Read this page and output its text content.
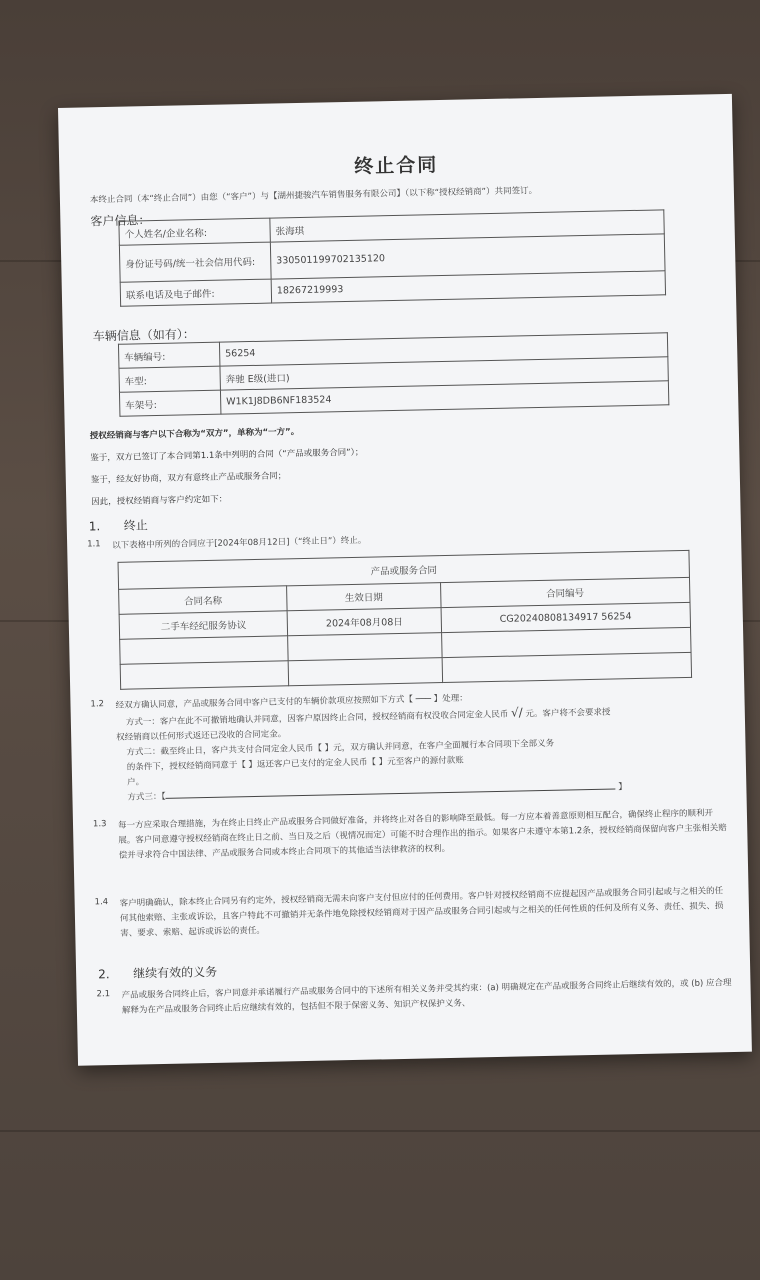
终止合同
本终止合同（本“终止合同”）由您（“客户”）与【湖州捷骏汽车销售服务有限公司】（以下称“授权经销商”）共同签订。
客户信息：
个人姓名/企业名称:	张海琪
身份证号码/统一社会信用代码:	330501199702135120
联系电话及电子邮件:	18267219993
车辆信息（如有）：
车辆编号:	56254
车型:	奔驰 E级(进口)
车架号:	W1K1J8DB6NF183524
授权经销商与客户以下合称为“双方”，单称为“一方”。
鉴于，双方已签订了本合同第1.1条中列明的合同（“产品或服务合同”）；
鉴于，经友好协商，双方有意终止产品或服务合同；
因此，授权经销商与客户约定如下：
1. 终止
1.1 以下表格中所列的合同应于[2024年08月12日]（“终止日”）终止。
产品或服务合同		
合同名称	生效日期	合同编号
二手车经纪服务协议	2024年08月08日	CG20240808134917 56254

1.2 经双方确认同意，产品或服务合同中客户已支付的车辆价款项应按照如下方式【 ─── 】处理：
方式一：客户在此不可撤销地确认并同意，因客户原因终止合同，授权经销商有权没收合同定金人民币 √/ 元。客户将不会要求授
权经销商以任何形式返还已没收的合同定金。
方式二：截至终止日，客户共支付合同定金人民币【 】元，双方确认并同意，在客户全面履行本合同项下全部义务
的条件下，授权经销商同意于【 】返还客户已支付的定金人民币【 】元至客户的源付款账
户。
方式三：【 】
1.3 每一方应采取合理措施，为在终止日终止产品或服务合同做好准备，并将终止对各自的影响降至最低。每一方应本着善意原则相互配合，确保终止程序的顺利开展。客户同意遵守授权经销商在终止日之前、当日及之后（视情况而定）可能不时合理作出的指示。如果客户未遵守本第1.2条，授权经销商保留向客户主张相关赔偿并寻求符合中国法律、产品或服务合同或本终止合同项下的其他适当法律救济的权利。
1.4 客户明确确认，除本终止合同另有约定外，授权经销商无需未向客户支付但应付的任何费用。客户针对授权经销商不应提起因产品或服务合同引起或与之相关的任何其他索赔、主张或诉讼，且客户特此不可撤销并无条件地免除授权经销商对于因产品或服务合同引起或与之相关的任何性质的任何及所有义务、责任、损失、损害、要求、索赔、起诉或诉讼的责任。
2. 继续有效的义务
2.1 产品或服务合同终止后，客户同意并承诺履行产品或服务合同中的下述所有相关义务并受其约束：(a) 明确规定在产品或服务合同终止后继续有效的，或 (b) 应合理解释为在产品或服务合同终止后应继续有效的，包括但不限于保密义务、知识产权保护义务、
